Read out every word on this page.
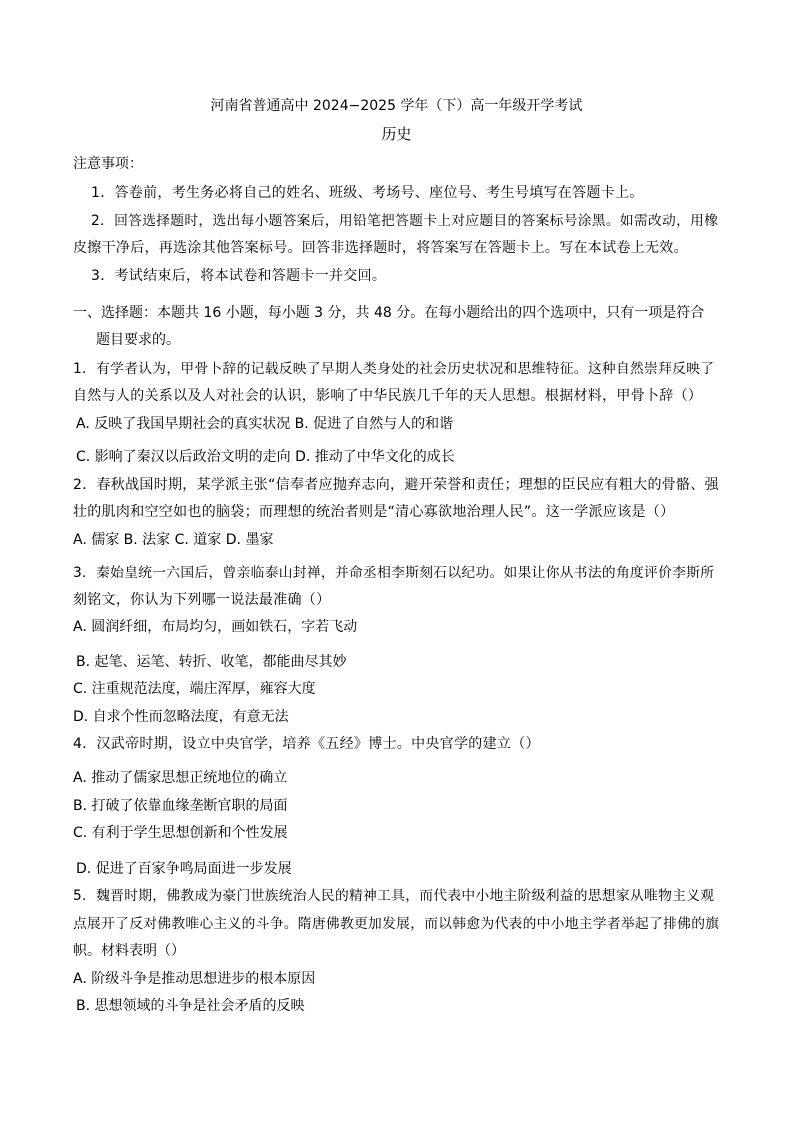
河南省普通高中 2024−2025 学年（下）高一年级开学考试
历史
注意事项：
1．答卷前，考生务必将自己的姓名、班级、考场号、座位号、考生号填写在答题卡上。
2．回答选择题时，选出每小题答案后，用铅笔把答题卡上对应题目的答案标号涂黑。如需改动，用橡
皮擦干净后，再选涂其他答案标号。回答非选择题时，将答案写在答题卡上。写在本试卷上无效。
3．考试结束后，将本试卷和答题卡一并交回。
一、选择题：本题共 16 小题，每小题 3 分，共 48 分。在每小题给出的四个选项中，只有一项是符合
题目要求的。
1．有学者认为，甲骨卜辞的记载反映了早期人类身处的社会历史状况和思维特征。这种自然崇拜反映了
自然与人的关系以及人对社会的认识，影响了中华民族几千年的天人思想。根据材料，甲骨卜辞（）
A. 反映了我国早期社会的真实状况 B. 促进了自然与人的和谐
C. 影响了秦汉以后政治文明的走向 D. 推动了中华文化的成长
2．春秋战国时期，某学派主张“信奉者应抛弃志向，避开荣誉和责任；理想的臣民应有粗大的骨骼、强
壮的肌肉和空空如也的脑袋；而理想的统治者则是“清心寡欲地治理人民”。这一学派应该是（）
A. 儒家 B. 法家 C. 道家 D. 墨家
3．秦始皇统一六国后，曾亲临泰山封禅，并命丞相李斯刻石以纪功。如果让你从书法的角度评价李斯所
刻铭文，你认为下列哪一说法最准确（）
A. 圆润纤细，布局均匀，画如铁石，字若飞动
B. 起笔、运笔、转折、收笔，都能曲尽其妙
C. 注重规范法度，端庄浑厚，雍容大度
D. 自求个性而忽略法度，有意无法
4．汉武帝时期，设立中央官学，培养《五经》博士。中央官学的建立（）
A. 推动了儒家思想正统地位的确立
B. 打破了依靠血缘垄断官职的局面
C. 有利于学生思想创新和个性发展
D. 促进了百家争鸣局面进一步发展
5．魏晋时期，佛教成为豪门世族统治人民的精神工具，而代表中小地主阶级利益的思想家从唯物主义观
点展开了反对佛教唯心主义的斗争。隋唐佛教更加发展，而以韩愈为代表的中小地主学者举起了排佛的旗
帜。材料表明（）
A. 阶级斗争是推动思想进步的根本原因
B. 思想领域的斗争是社会矛盾的反映
